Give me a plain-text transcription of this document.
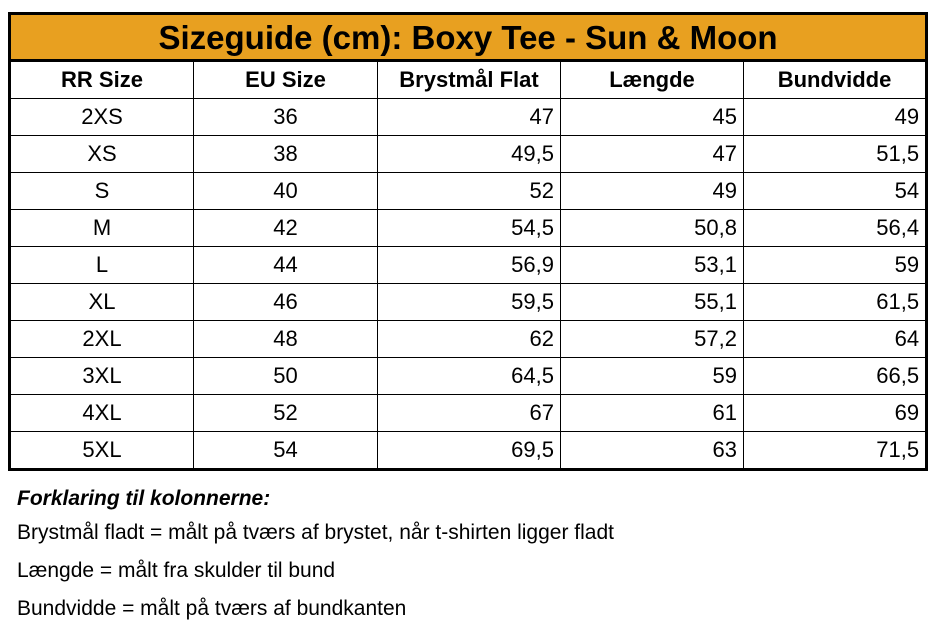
Sizeguide (cm): Boxy Tee - Sun & Moon				
RR Size	EU Size	Brystmål Flat	Længde	Bundvidde
2XS	36	47	45	49
XS	38	49,5	47	51,5
S	40	52	49	54
M	42	54,5	50,8	56,4
L	44	56,9	53,1	59
XL	46	59,5	55,1	61,5
2XL	48	62	57,2	64
3XL	50	64,5	59	66,5
4XL	52	67	61	69
5XL	54	69,5	63	71,5
Forklaring til kolonnerne:
Brystmål fladt = målt på tværs af brystet, når t-shirten ligger fladt
Længde = målt fra skulder til bund
Bundvidde = målt på tværs af bundkanten
